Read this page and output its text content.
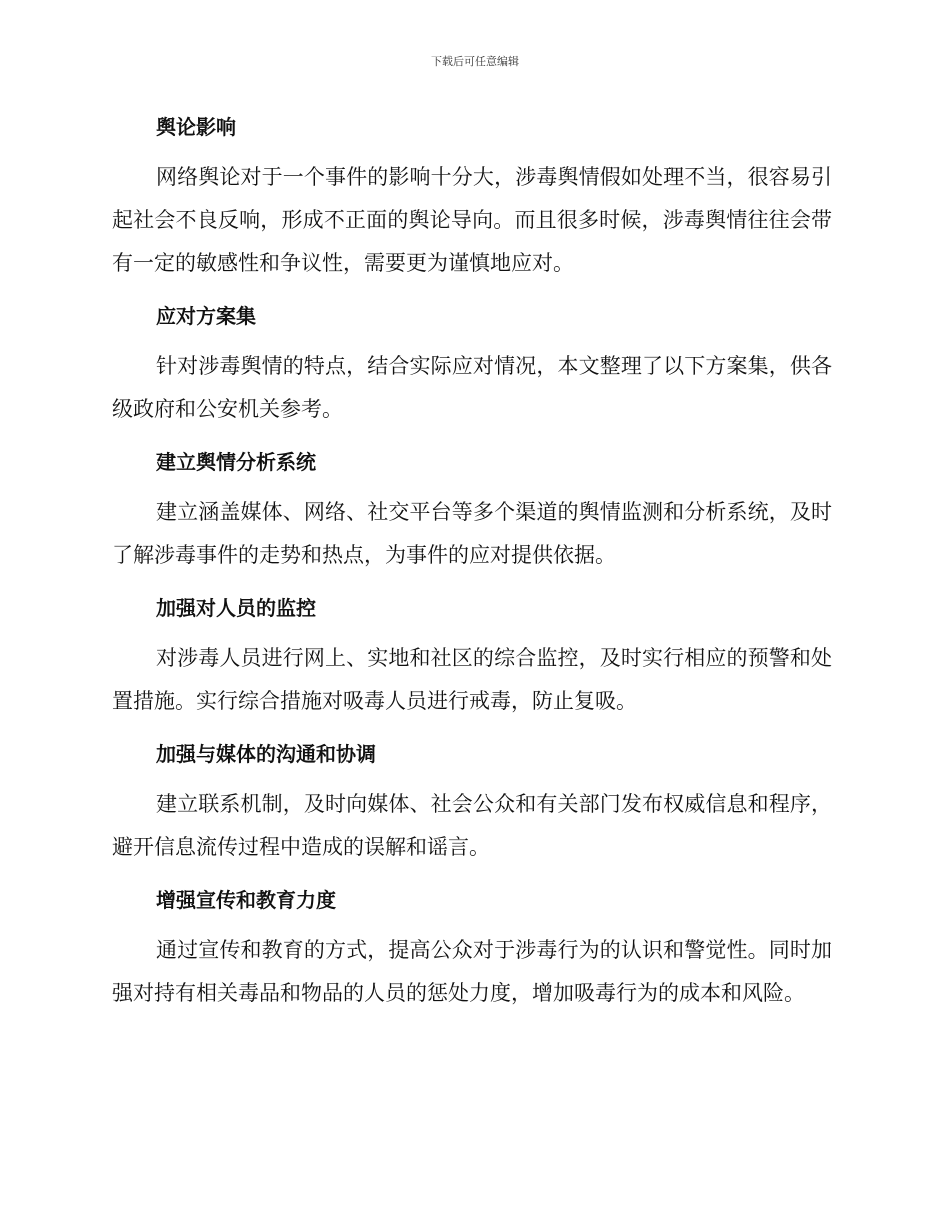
下载后可任意编辑
舆论影响

网络舆论对于一个事件的影响十分大，涉毒舆情假如处理不当，很容易引起社会不良反响，形成不正面的舆论导向。而且很多时候，涉毒舆情往往会带有一定的敏感性和争议性，需要更为谨慎地应对。

应对方案集

针对涉毒舆情的特点，结合实际应对情况，本文整理了以下方案集，供各级政府和公安机关参考。

建立舆情分析系统

建立涵盖媒体、网络、社交平台等多个渠道的舆情监测和分析系统，及时了解涉毒事件的走势和热点，为事件的应对提供依据。

加强对人员的监控

对涉毒人员进行网上、实地和社区的综合监控，及时实行相应的预警和处置措施。实行综合措施对吸毒人员进行戒毒，防止复吸。

加强与媒体的沟通和协调

建立联系机制，及时向媒体、社会公众和有关部门发布权威信息和程序，避开信息流传过程中造成的误解和谣言。

增强宣传和教育力度

通过宣传和教育的方式，提高公众对于涉毒行为的认识和警觉性。同时加强对持有相关毒品和物品的人员的惩处力度，增加吸毒行为的成本和风险。
